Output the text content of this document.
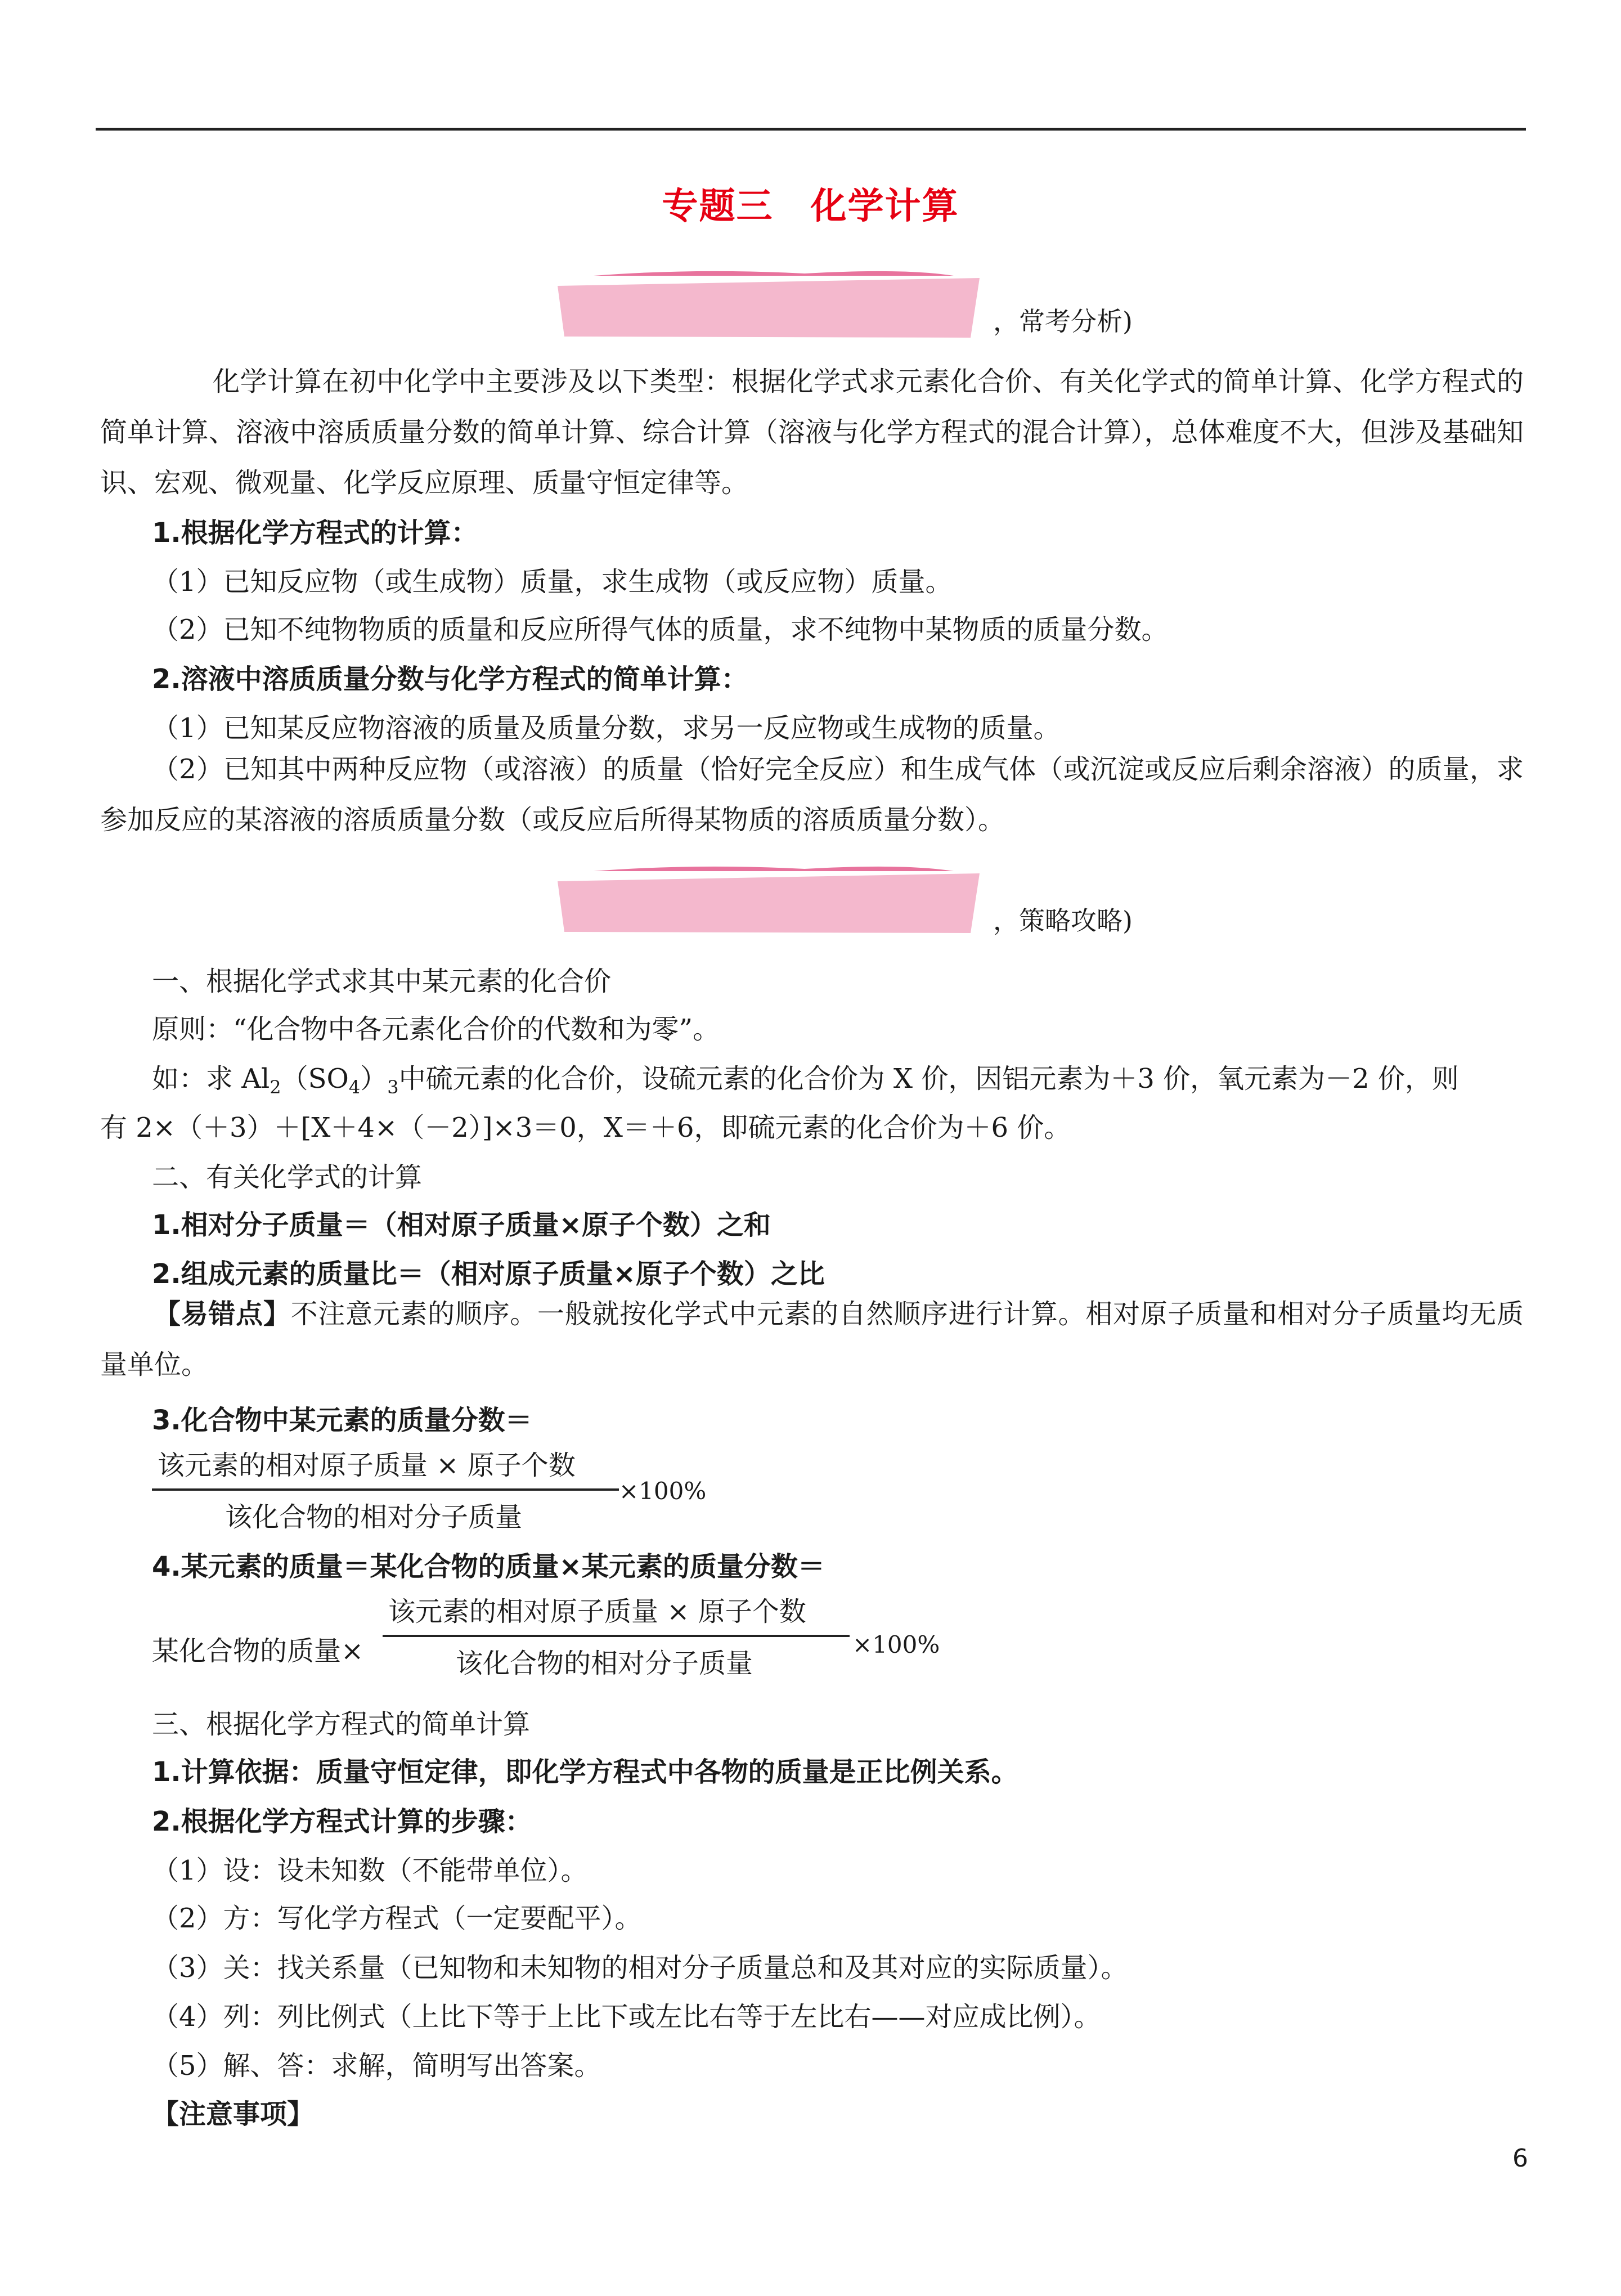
专题三　化学计算
，常考分析)
化学计算在初中化学中主要涉及以下类型：根据化学式求元素化合价、有关化学式的简单计算、化学方程式的简单计算、溶液中溶质质量分数的简单计算、综合计算（溶液与化学方程式的混合计算），总体难度不大，但涉及基础知识、宏观、微观量、化学反应原理、质量守恒定律等。
1.根据化学方程式的计算：
（1）已知反应物（或生成物）质量，求生成物（或反应物）质量。
（2）已知不纯物物质的质量和反应所得气体的质量，求不纯物中某物质的质量分数。
2.溶液中溶质质量分数与化学方程式的简单计算：
（1）已知某反应物溶液的质量及质量分数，求另一反应物或生成物的质量。
（2）已知其中两种反应物（或溶液）的质量（恰好完全反应）和生成气体（或沉淀或反应后剩余溶液）的质量，求参加反应的某溶液的溶质质量分数（或反应后所得某物质的溶质质量分数）。
，策略攻略)
一、根据化学式求其中某元素的化合价
原则：“化合物中各元素化合价的代数和为零”。
如：求 $Al_2(SO_4)_3$中硫元素的化合价，设硫元素的化合价为 X 价，因铝元素为＋3 价，氧元素为－2 价，则
有 2×（＋3）＋[X＋4×（－2）]×3＝0，X＝＋6，即硫元素的化合价为＋6 价。
二、有关化学式的计算
1.相对分子质量＝（相对原子质量×原子个数）之和
2.组成元素的质量比＝（相对原子质量×原子个数）之比
【易错点】不注意元素的顺序。一般就按化学式中元素的自然顺序进行计算。相对原子质量和相对分子质量均无质量单位。
3.化合物中某元素的质量分数＝
该元素的相对原子质量 × 原子个数
该化合物的相对分子质量
×100%
4.某元素的质量＝某化合物的质量×某元素的质量分数＝
某化合物的质量×
该元素的相对原子质量 × 原子个数
该化合物的相对分子质量
×100%
三、根据化学方程式的简单计算
1.计算依据：质量守恒定律，即化学方程式中各物的质量是正比例关系。
2.根据化学方程式计算的步骤：
（1）设：设未知数（不能带单位）。
（2）方：写化学方程式（一定要配平）。
（3）关：找关系量（已知物和未知物的相对分子质量总和及其对应的实际质量）。
（4）列：列比例式（上比下等于上比下或左比右等于左比右——对应成比例）。
（5）解、答：求解，简明写出答案。
【注意事项】
6
